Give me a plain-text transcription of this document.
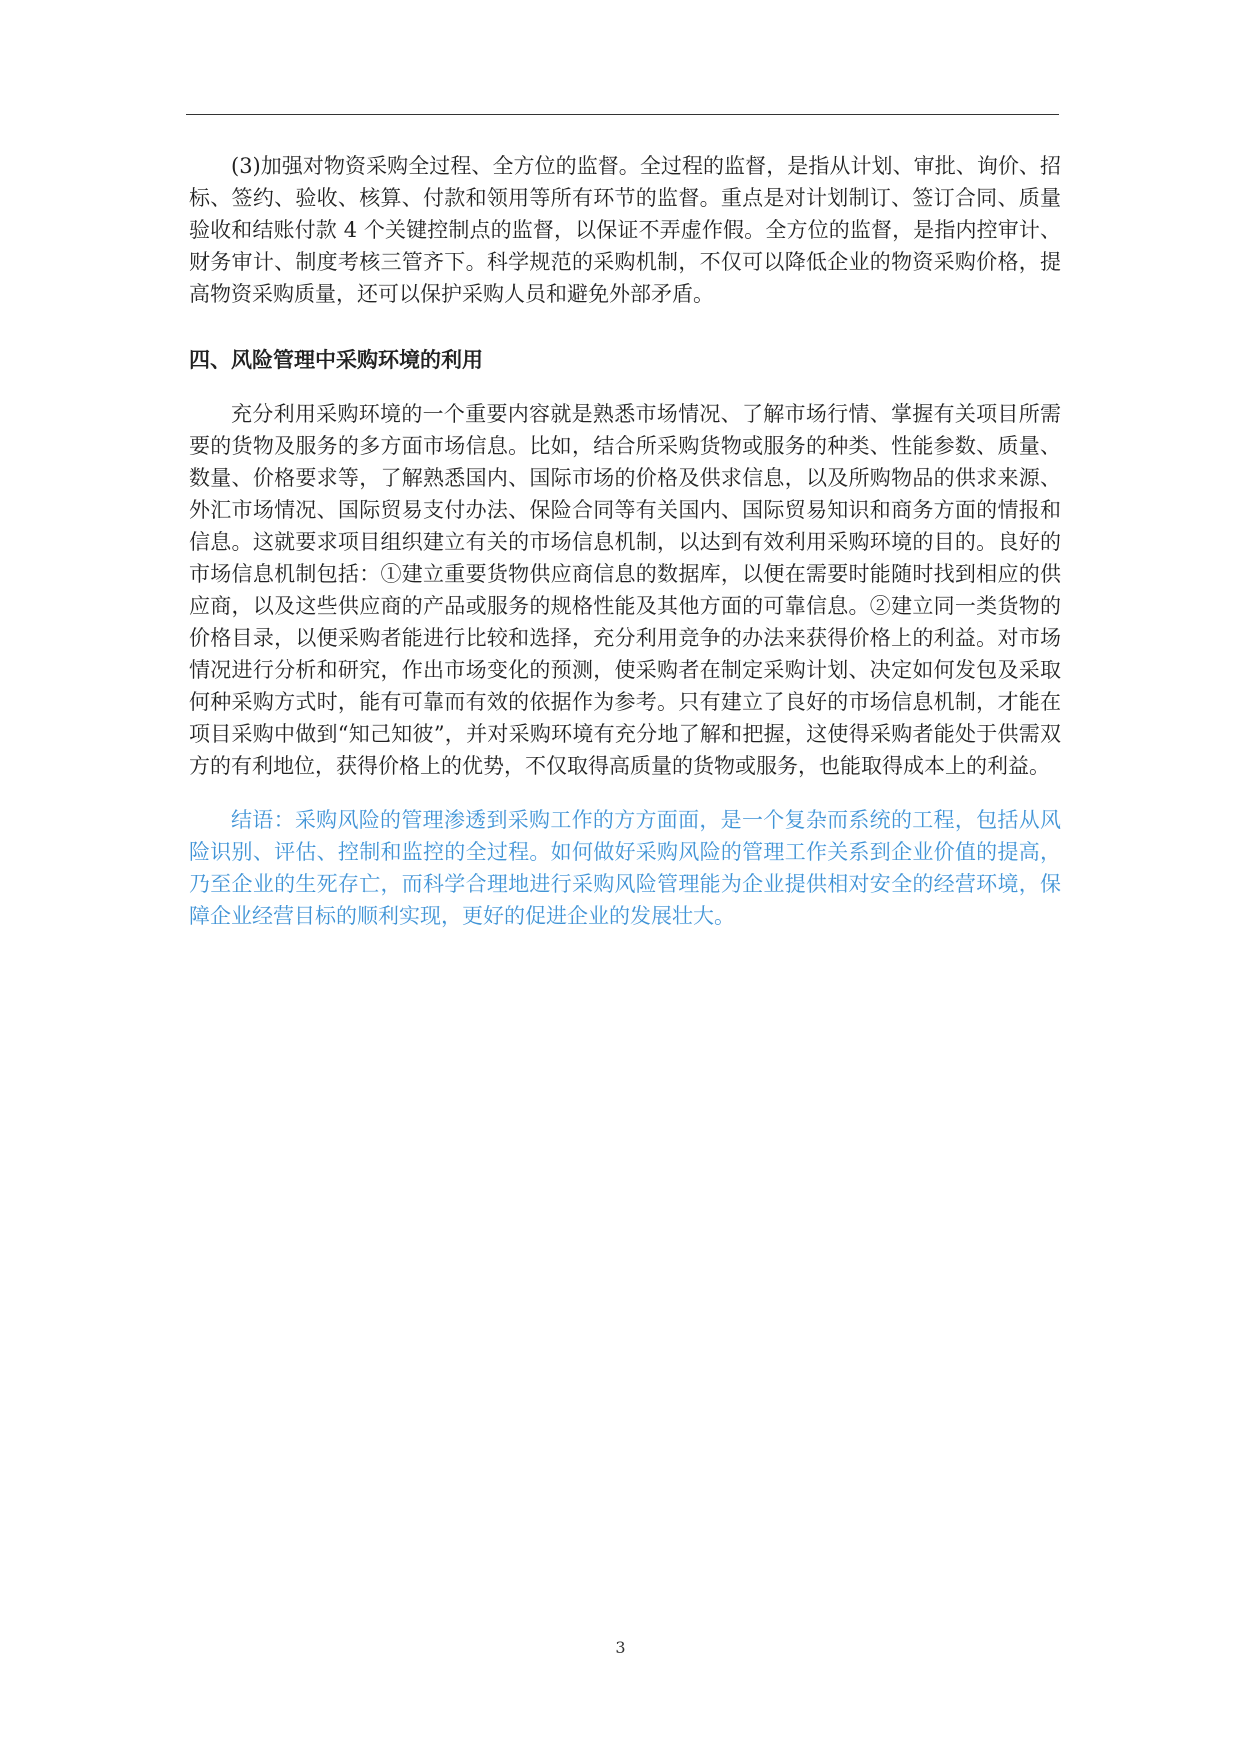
(3)加强对物资采购全过程、全方位的监督。全过程的监督，是指从计划、审批、询价、招标、签约、验收、核算、付款和领用等所有环节的监督。重点是对计划制订、签订合同、质量验收和结账付款 4 个关键控制点的监督，以保证不弄虚作假。全方位的监督，是指内控审计、财务审计、制度考核三管齐下。科学规范的采购机制，不仅可以降低企业的物资采购价格，提高物资采购质量，还可以保护采购人员和避免外部矛盾。

四、风险管理中采购环境的利用

充分利用采购环境的一个重要内容就是熟悉市场情况、了解市场行情、掌握有关项目所需要的货物及服务的多方面市场信息。比如，结合所采购货物或服务的种类、性能参数、质量、数量、价格要求等，了解熟悉国内、国际市场的价格及供求信息，以及所购物品的供求来源、外汇市场情况、国际贸易支付办法、保险合同等有关国内、国际贸易知识和商务方面的情报和信息。这就要求项目组织建立有关的市场信息机制，以达到有效利用采购环境的目的。良好的市场信息机制包括：①建立重要货物供应商信息的数据库，以便在需要时能随时找到相应的供应商，以及这些供应商的产品或服务的规格性能及其他方面的可靠信息。②建立同一类货物的价格目录，以便采购者能进行比较和选择，充分利用竞争的办法来获得价格上的利益。对市场情况进行分析和研究，作出市场变化的预测，使采购者在制定采购计划、决定如何发包及采取何种采购方式时，能有可靠而有效的依据作为参考。只有建立了良好的市场信息机制，才能在项目采购中做到“知己知彼”，并对采购环境有充分地了解和把握，这使得采购者能处于供需双方的有利地位，获得价格上的优势，不仅取得高质量的货物或服务，也能取得成本上的利益。

结语：采购风险的管理渗透到采购工作的方方面面，是一个复杂而系统的工程，包括从风险识别、评估、控制和监控的全过程。如何做好采购风险的管理工作关系到企业价值的提高，乃至企业的生死存亡，而科学合理地进行采购风险管理能为企业提供相对安全的经营环境，保障企业经营目标的顺利实现，更好的促进企业的发展壮大。

3
